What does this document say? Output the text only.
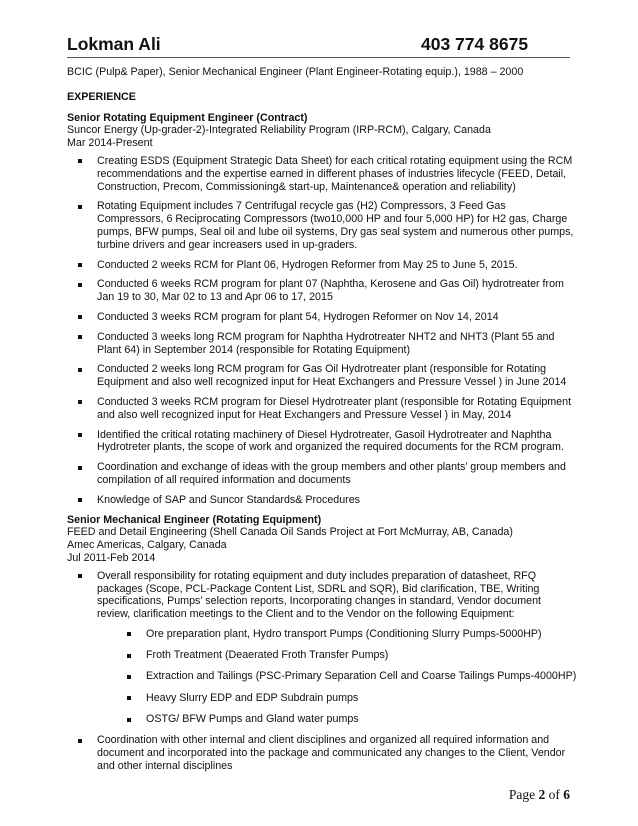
Lokman Ali	403 774 8675
BCIC (Pulp& Paper), Senior Mechanical Engineer (Plant Engineer-Rotating equip.), 1988 – 2000
EXPERIENCE
Senior Rotating Equipment Engineer (Contract)
Suncor Energy (Up-grader-2)-Integrated Reliability Program (IRP-RCM), Calgary, Canada
Mar 2014-Present
Creating ESDS (Equipment Strategic Data Sheet) for each critical rotating equipment using the RCM
recommendations and the expertise earned in different phases of industries lifecycle (FEED, Detail,
Construction, Precom, Commissioning& start-up, Maintenance& operation and reliability)
Rotating Equipment includes 7 Centrifugal recycle gas (H2) Compressors, 3 Feed Gas
Compressors, 6 Reciprocating Compressors (two10,000 HP and four 5,000 HP) for H2 gas, Charge
pumps, BFW pumps, Seal oil and lube oil systems, Dry gas seal system and numerous other pumps,
turbine drivers and gear increasers used in up-graders.
Conducted 2 weeks RCM for Plant 06, Hydrogen Reformer from May 25 to June 5, 2015.
Conducted 6 weeks RCM program for plant 07 (Naphtha, Kerosene and Gas Oil) hydrotreater from
Jan 19 to 30, Mar 02 to 13 and Apr 06 to 17, 2015
Conducted 3 weeks RCM program for plant 54, Hydrogen Reformer on Nov 14, 2014
Conducted 3 weeks long RCM program for Naphtha Hydrotreater NHT2 and NHT3 (Plant 55 and
Plant 64) in September 2014 (responsible for Rotating Equipment)
Conducted 2 weeks long RCM program for Gas Oil Hydrotreater plant (responsible for Rotating
Equipment and also well recognized input for Heat Exchangers and Pressure Vessel ) in June 2014
Conducted 3 weeks RCM program for Diesel Hydrotreater plant (responsible for Rotating Equipment
and also well recognized input for Heat Exchangers and Pressure Vessel ) in May, 2014
Identified the critical rotating machinery of Diesel Hydrotreater, Gasoil Hydrotreater and Naphtha
Hydrotreter plants, the scope of work and organized the required documents for the RCM program.
Coordination and exchange of ideas with the group members and other plants’ group members and
compilation of all required information and documents
Knowledge of SAP and Suncor Standards& Procedures
Senior Mechanical Engineer (Rotating Equipment)
FEED and Detail Engineering (Shell Canada Oil Sands Project at Fort McMurray, AB, Canada)
Amec Americas, Calgary, Canada
Jul 2011-Feb 2014
Overall responsibility for rotating equipment and duty includes preparation of datasheet, RFQ
packages (Scope, PCL-Package Content List, SDRL and SQR), Bid clarification, TBE, Writing
specifications, Pumps’ selection reports, Incorporating changes in standard, Vendor document
review, clarification meetings to the Client and to the Vendor on the following Equipment:
Ore preparation plant, Hydro transport Pumps (Conditioning Slurry Pumps-5000HP)
Froth Treatment (Deaerated Froth Transfer Pumps)
Extraction and Tailings (PSC-Primary Separation Cell and Coarse Tailings Pumps-4000HP)
Heavy Slurry EDP and EDP Subdrain pumps
OSTG/ BFW Pumps and Gland water pumps
Coordination with other internal and client disciplines and organized all required information and
document and incorporated into the package and communicated any changes to the Client, Vendor
and other internal disciplines
Page 2 of 6
